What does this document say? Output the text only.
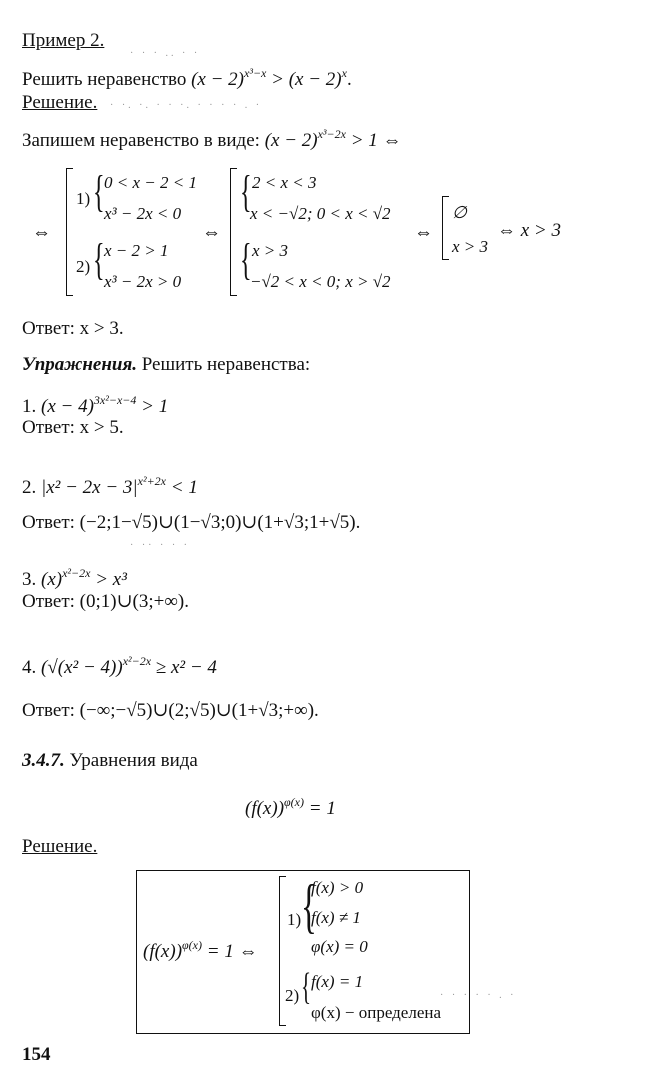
· · · .. · ·
· ·. ·. · · ·. · · · · . ·
· ·· · · ·
· · · · · . ·
Пример 2.
Решить неравенство $(x - 2)^{x^3-x} > (x - 2)^x$.
Решение.
Запишем неравенство в виде: $(x - 2)^{x^3-2x} > 1$ ⇔
⇔
1) { 0 < x − 2 < 1
x³ − 2x < 0
2) { x − 2 > 1
x³ − 2x > 0
⇔
{ 2 < x < 3
x < −√2; 0 < x < √2
{ x > 3
−√2 < x < 0; x > √2
⇔
∅
x > 3
⇔ x > 3
Ответ: x > 3.
Упражнения. Решить неравенства:
1. $(x - 4)^{3x^2-x-4} > 1$
Ответ: x > 5.
2. $|x^2 - 2x - 3|^{x^2+2x} < 1$
Ответ: (−2;1−√5)∪(1−√3;0)∪(1+√3;1+√5).
3. $(x)^{x^2-2x} > x^3$
Ответ: (0;1)∪(3;+∞).
4. $(√(x^2 - 4))^{x^2-2x} \ge x^2 - 4$
Ответ: (−∞;−√5)∪(2;√5)∪(1+√3;+∞).
3.4.7. Уравнения вида
$(f(x))^{\varphi(x)} = 1$
Решение.
$(f(x))^{\varphi(x)} = 1$ ⇔
1) {
f(x) > 0
f(x) ≠ 1
φ(x) = 0
2) { f(x) = 1
φ(x) − определена
154
